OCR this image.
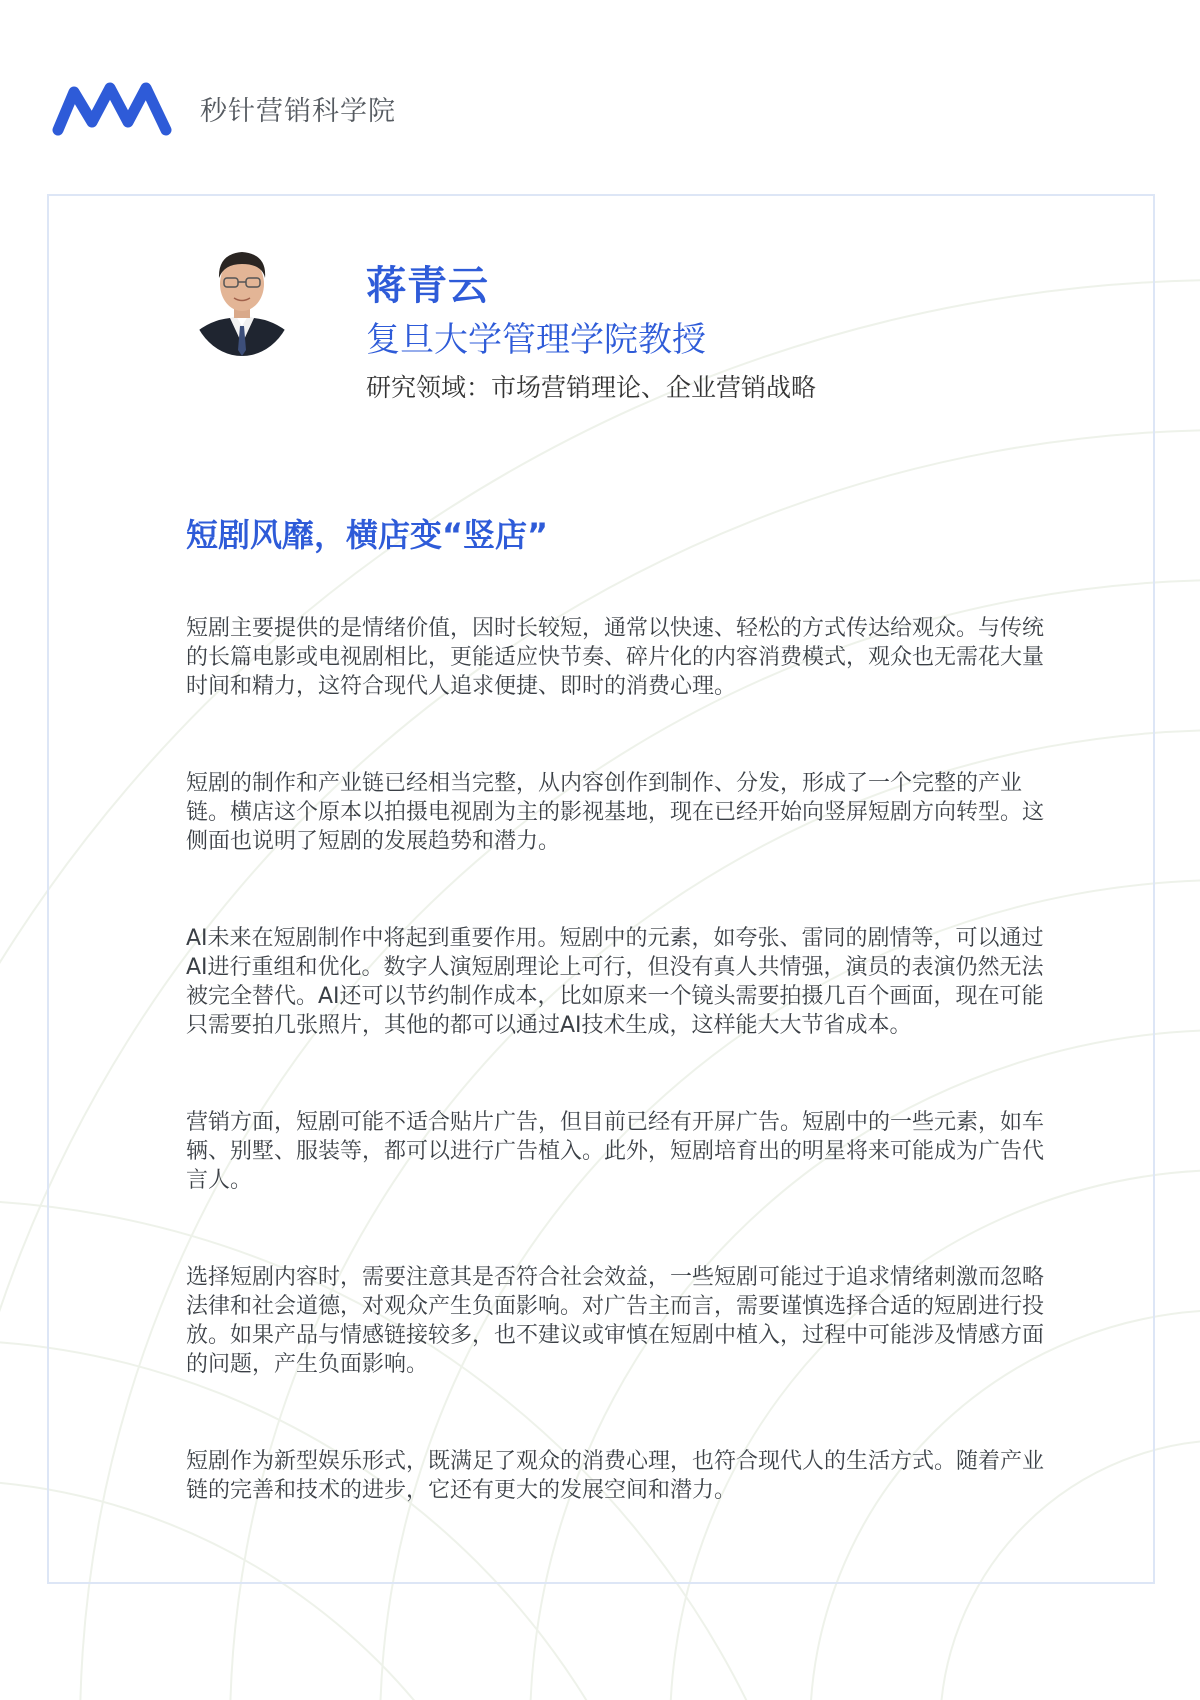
秒针营销科学院
蒋青云
复旦大学管理学院教授
研究领域：市场营销理论、企业营销战略
短剧风靡，横店变“竖店”

短剧主要提供的是情绪价值，因时长较短，通常以快速、轻松的方式传达给观众。与传统的长篇电影或电视剧相比，更能适应快节奏、碎片化的内容消费模式，观众也无需花大量时间和精力，这符合现代人追求便捷、即时的消费心理。

短剧的制作和产业链已经相当完整，从内容创作到制作、分发，形成了一个完整的产业链。横店这个原本以拍摄电视剧为主的影视基地，现在已经开始向竖屏短剧方向转型。这侧面也说明了短剧的发展趋势和潜力。

AI未来在短剧制作中将起到重要作用。短剧中的元素，如夸张、雷同的剧情等，可以通过AI进行重组和优化。数字人演短剧理论上可行，但没有真人共情强，演员的表演仍然无法被完全替代。AI还可以节约制作成本，比如原来一个镜头需要拍摄几百个画面，现在可能只需要拍几张照片，其他的都可以通过AI技术生成，这样能大大节省成本。

营销方面，短剧可能不适合贴片广告，但目前已经有开屏广告。短剧中的一些元素，如车辆、别墅、服装等，都可以进行广告植入。此外，短剧培育出的明星将来可能成为广告代言人。

选择短剧内容时，需要注意其是否符合社会效益，一些短剧可能过于追求情绪刺激而忽略法律和社会道德，对观众产生负面影响。对广告主而言，需要谨慎选择合适的短剧进行投放。如果产品与情感链接较多，也不建议或审慎在短剧中植入，过程中可能涉及情感方面的问题，产生负面影响。

短剧作为新型娱乐形式，既满足了观众的消费心理，也符合现代人的生活方式。随着产业链的完善和技术的进步，它还有更大的发展空间和潜力。
